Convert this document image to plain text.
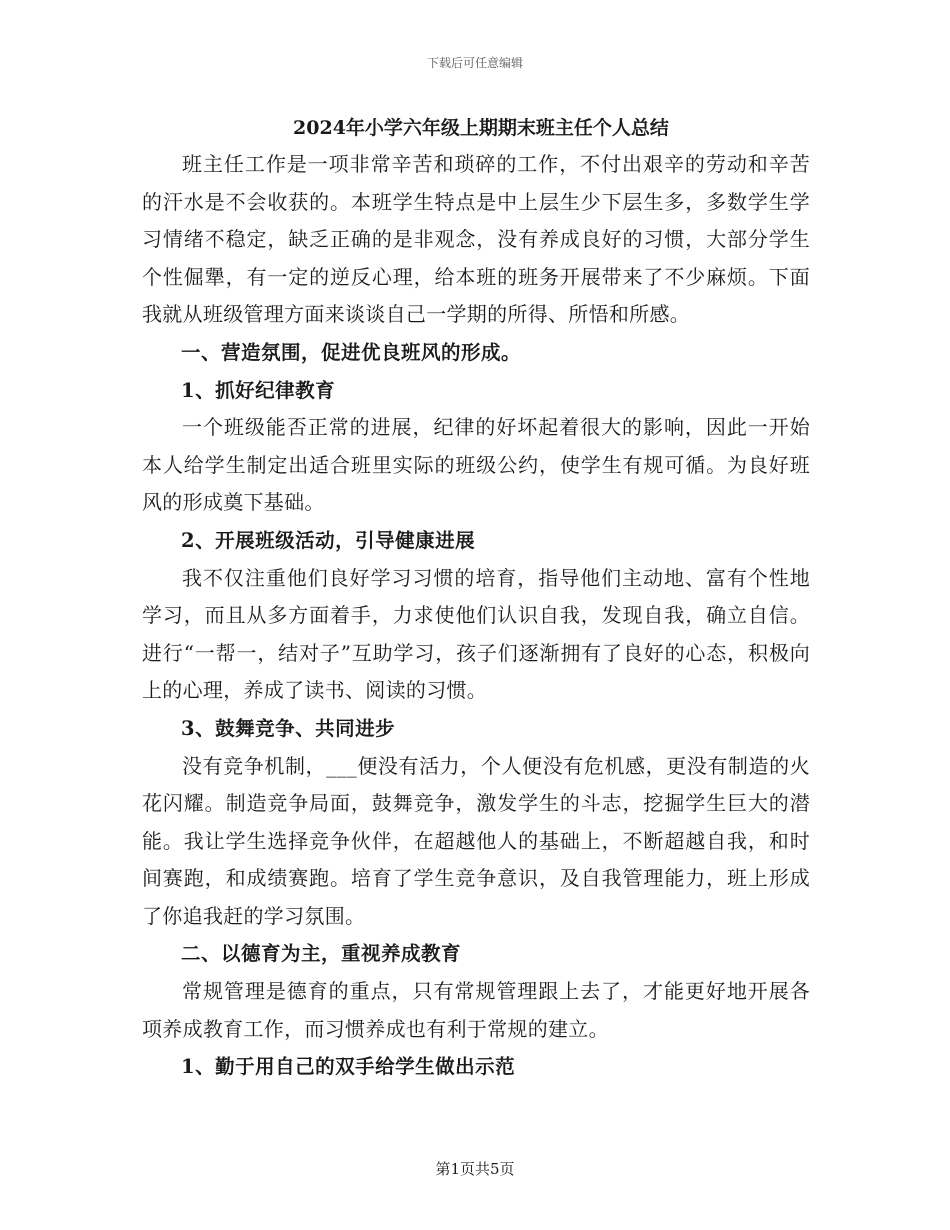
下载后可任意编辑
2024年小学六年级上期期末班主任个人总结

班主任工作是一项非常辛苦和琐碎的工作，不付出艰辛的劳动和辛苦的汗水是不会收获的。本班学生特点是中上层生少下层生多，多数学生学习情绪不稳定，缺乏正确的是非观念，没有养成良好的习惯，大部分学生个性倔犟，有一定的逆反心理，给本班的班务开展带来了不少麻烦。下面我就从班级管理方面来谈谈自己一学期的所得、所悟和所感。

一、营造氛围，促进优良班风的形成。

1、抓好纪律教育

一个班级能否正常的进展，纪律的好坏起着很大的影响，因此一开始本人给学生制定出适合班里实际的班级公约，使学生有规可循。为良好班风的形成奠下基础。

2、开展班级活动，引导健康进展

我不仅注重他们良好学习习惯的培育，指导他们主动地、富有个性地学习，而且从多方面着手，力求使他们认识自我，发现自我，确立自信。进行“一帮一，结对子”互助学习，孩子们逐渐拥有了良好的心态，积极向上的心理，养成了读书、阅读的习惯。

3、鼓舞竞争、共同进步

没有竞争机制，___便没有活力，个人便没有危机感，更没有制造的火花闪耀。制造竞争局面，鼓舞竞争，激发学生的斗志，挖掘学生巨大的潜能。我让学生选择竞争伙伴，在超越他人的基础上，不断超越自我，和时间赛跑，和成绩赛跑。培育了学生竞争意识，及自我管理能力，班上形成了你追我赶的学习氛围。

二、以德育为主，重视养成教育

常规管理是德育的重点，只有常规管理跟上去了，才能更好地开展各项养成教育工作，而习惯养成也有利于常规的建立。

1、勤于用自己的双手给学生做出示范

第1页共5页
